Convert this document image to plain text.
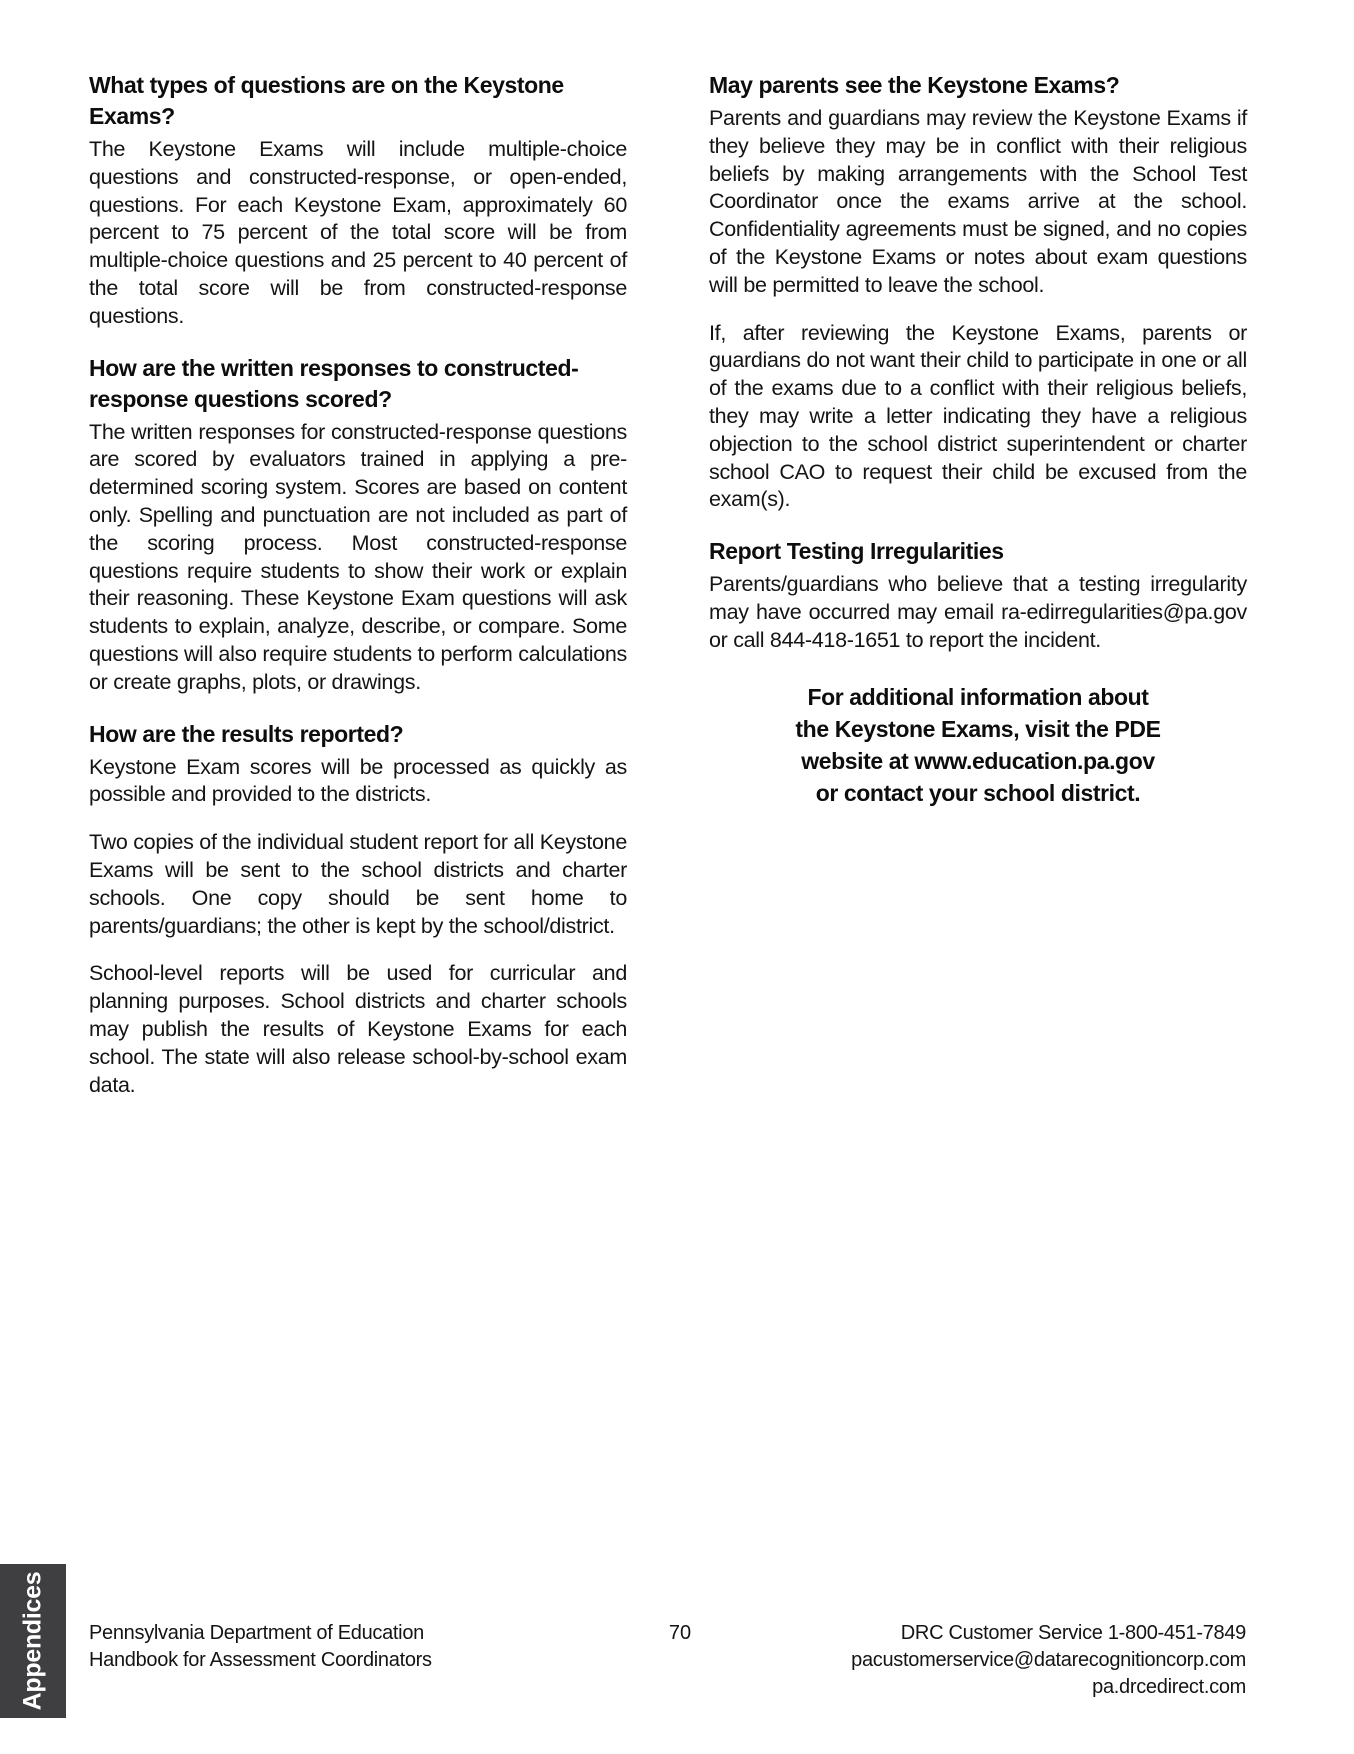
What types of questions are on the Keystone Exams?

The Keystone Exams will include multiple-choice questions and constructed-response, or open-ended, questions. For each Keystone Exam, approximately 60 percent to 75 percent of the total score will be from multiple-choice questions and 25 percent to 40 percent of the total score will be from constructed-response questions.

How are the written responses to constructed-response questions scored?

The written responses for constructed-response questions are scored by evaluators trained in applying a pre-determined scoring system. Scores are based on content only. Spelling and punctuation are not included as part of the scoring process. Most constructed-response questions require students to show their work or explain their reasoning. These Keystone Exam questions will ask students to explain, analyze, describe, or compare. Some questions will also require students to perform calculations or create graphs, plots, or drawings.

How are the results reported?

Keystone Exam scores will be processed as quickly as possible and provided to the districts.

Two copies of the individual student report for all Keystone Exams will be sent to the school districts and charter schools. One copy should be sent home to parents/guardians; the other is kept by the school/district.

School-level reports will be used for curricular and planning purposes. School districts and charter schools may publish the results of Keystone Exams for each school. The state will also release school-by-school exam data.

May parents see the Keystone Exams?

Parents and guardians may review the Keystone Exams if they believe they may be in conflict with their religious beliefs by making arrangements with the School Test Coordinator once the exams arrive at the school. Confidentiality agreements must be signed, and no copies of the Keystone Exams or notes about exam questions will be permitted to leave the school.

If, after reviewing the Keystone Exams, parents or guardians do not want their child to participate in one or all of the exams due to a conflict with their religious beliefs, they may write a letter indicating they have a religious objection to the school district superintendent or charter school CAO to request their child be excused from the exam(s).

Report Testing Irregularities

Parents/guardians who believe that a testing irregularity may have occurred may email ra-edirregularities@pa.gov or call 844-418-1651 to report the incident.

For additional information about
the Keystone Exams, visit the PDE
website at www.education.pa.gov
or contact your school district.
Appendices Pennsylvania Department of Education
Handbook for Assessment Coordinators
70	DRC Customer Service 1-800-451-7849
pacustomerservice@datarecognitioncorp.com
pa.drcedirect.com
